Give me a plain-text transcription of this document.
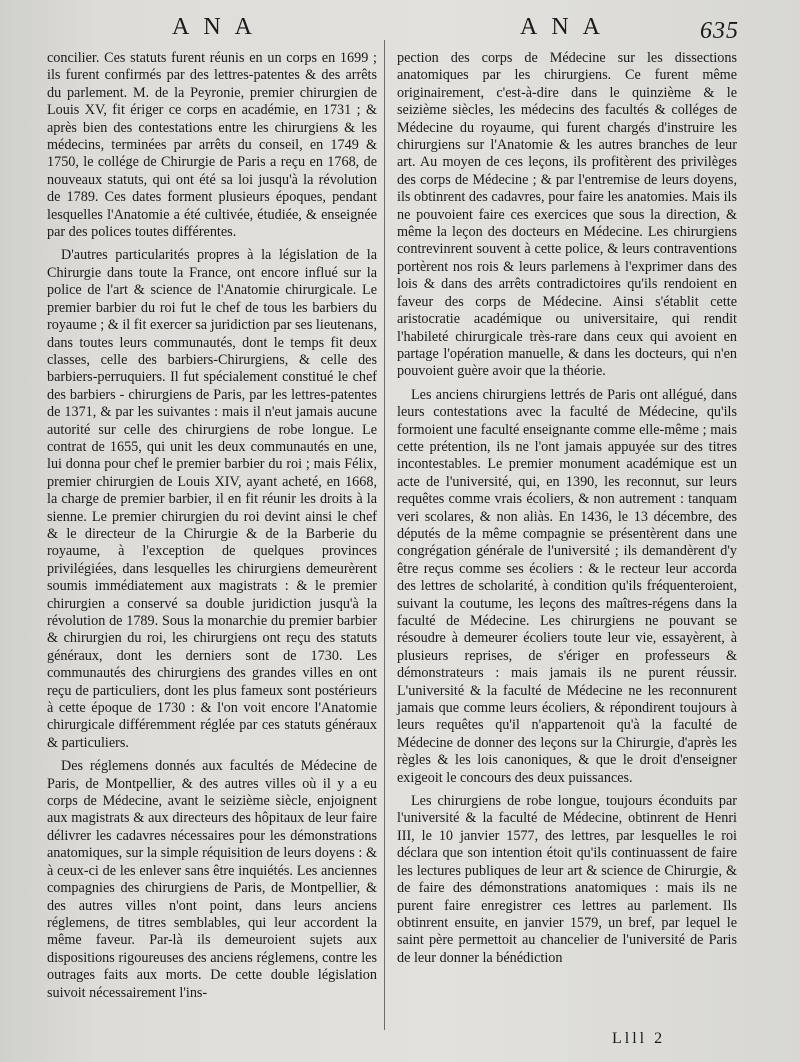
ANA	ANA	635

concilier. Ces statuts furent réunis en un corps en 1699 ; ils furent confirmés par des lettres-patentes & des arrêts du parlement. M. de la Peyronie, premier chirurgien de Louis XV, fit ériger ce corps en académie, en 1731 ; & après bien des contestations entre les chirurgiens & les médecins, terminées par arrêts du conseil, en 1749 & 1750, le collége de Chirurgie de Paris a reçu en 1768, de nouveaux statuts, qui ont été sa loi jusqu'à la révolution de 1789. Ces dates forment plusieurs époques, pendant lesquelles l'Anatomie a été cultivée, étudiée, & enseignée par des polices toutes différentes.

D'autres particularités propres à la législation de la Chirurgie dans toute la France, ont encore influé sur la police de l'art & science de l'Anatomie chirurgicale. Le premier barbier du roi fut le chef de tous les barbiers du royaume ; & il fit exercer sa juridiction par ses lieutenans, dans toutes leurs communautés, dont le temps fit deux classes, celle des barbiers-Chirurgiens, & celle des barbiers-perruquiers. Il fut spécialement constitué le chef des barbiers - chirurgiens de Paris, par les lettres-patentes de 1371, & par les suivantes : mais il n'eut jamais aucune autorité sur celle des chirurgiens de robe longue. Le contrat de 1655, qui unit les deux communautés en une, lui donna pour chef le premier barbier du roi ; mais Félix, premier chirurgien de Louis XIV, ayant acheté, en 1668, la charge de premier barbier, il en fit réunir les droits à la sienne. Le premier chirurgien du roi devint ainsi le chef & le directeur de la Chirurgie & de la Barberie du royaume, à l'exception de quelques provinces privilégiées, dans lesquelles les chirurgiens demeurèrent soumis immédiatement aux magistrats : & le premier chirurgien a conservé sa double juridiction jusqu'à la révolution de 1789. Sous la monarchie du premier barbier & chirurgien du roi, les chirurgiens ont reçu des statuts généraux, dont les derniers sont de 1730. Les communautés des chirurgiens des grandes villes en ont reçu de particuliers, dont les plus fameux sont postérieurs à cette époque de 1730 : & l'on voit encore l'Anatomie chirurgicale différemment réglée par ces statuts généraux & particuliers.

Des réglemens donnés aux facultés de Médecine de Paris, de Montpellier, & des autres villes où il y a eu corps de Médecine, avant le seizième siècle, enjoignent aux magistrats & aux directeurs des hôpitaux de leur faire délivrer les cadavres nécessaires pour les démonstrations anatomiques, sur la simple réquisition de leurs doyens : & à ceux-ci de les enlever sans être inquiétés. Les anciennes compagnies des chirurgiens de Paris, de Montpellier, & des autres villes n'ont point, dans leurs anciens réglemens, de titres semblables, qui leur accordent la même faveur. Par-là ils demeuroient sujets aux dispositions rigoureuses des anciens réglemens, contre les outrages faits aux morts. De cette double législation suivoit nécessairement l'ins-

pection des corps de Médecine sur les dissections anatomiques par les chirurgiens. Ce furent même originairement, c'est-à-dire dans le quinzième & le seizième siècles, les médecins des facultés & colléges de Médecine du royaume, qui furent chargés d'instruire les chirurgiens sur l'Anatomie & les autres branches de leur art. Au moyen de ces leçons, ils profitèrent des privilèges des corps de Médecine ; & par l'entremise de leurs doyens, ils obtinrent des cadavres, pour faire les anatomies. Mais ils ne pouvoient faire ces exercices que sous la direction, & même la leçon des docteurs en Médecine. Les chirurgiens contrevinrent souvent à cette police, & leurs contraventions portèrent nos rois & leurs parlemens à l'exprimer dans des lois & dans des arrêts contradictoires qu'ils rendoient en faveur des corps de Médecine. Ainsi s'établit cette aristocratie académique ou universitaire, qui rendit l'habileté chirurgicale très-rare dans ceux qui avoient en partage l'opération manuelle, & dans les docteurs, qui n'en pouvoient guère avoir que la théorie.

Les anciens chirurgiens lettrés de Paris ont allégué, dans leurs contestations avec la faculté de Médecine, qu'ils formoient une faculté enseignante comme elle-même ; mais cette prétention, ils ne l'ont jamais appuyée sur des titres incontestables. Le premier monument académique est un acte de l'université, qui, en 1390, les reconnut, sur leurs requêtes comme vrais écoliers, & non autrement : tanquam veri scolares, & non aliàs. En 1436, le 13 décembre, des députés de la même compagnie se présentèrent dans une congrégation générale de l'université ; ils demandèrent d'y être reçus comme ses écoliers : & le recteur leur accorda des lettres de scholarité, à condition qu'ils fréquenteroient, suivant la coutume, les leçons des maîtres-régens dans la faculté de Médecine. Les chirurgiens ne pouvant se résoudre à demeurer écoliers toute leur vie, essayèrent, à plusieurs reprises, de s'ériger en professeurs & démonstrateurs : mais jamais ils ne purent réussir. L'université & la faculté de Médecine ne les reconnurent jamais que comme leurs écoliers, & répondirent toujours à leurs requêtes qu'il n'appartenoit qu'à la faculté de Médecine de donner des leçons sur la Chirurgie, d'après les règles & les lois canoniques, & que le droit d'enseigner exigeoit le concours des deux puissances.

Les chirurgiens de robe longue, toujours éconduits par l'université & la faculté de Médecine, obtinrent de Henri III, le 10 janvier 1577, des lettres, par lesquelles le roi déclara que son intention étoit qu'ils continuassent de faire les lectures publiques de leur art & science de Chirurgie, & de faire des démonstrations anatomiques : mais ils ne purent faire enregistrer ces lettres au parlement. Ils obtinrent ensuite, en janvier 1579, un bref, par lequel le saint père permettoit au chancelier de l'université de Paris de leur donner la bénédiction

Llll 2
